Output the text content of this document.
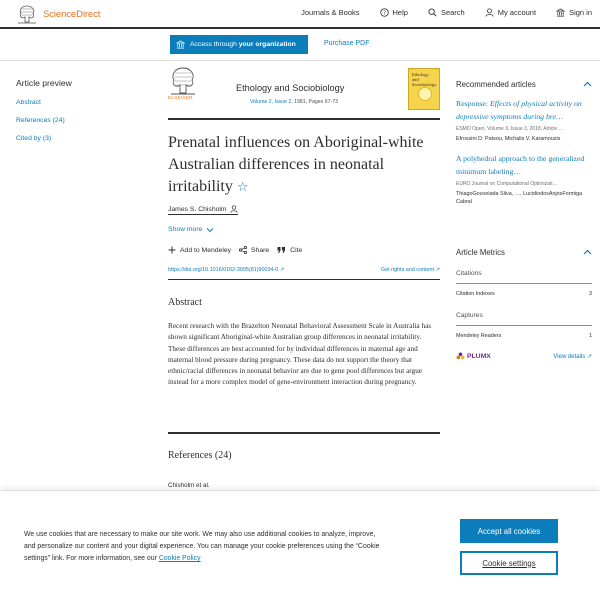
ScienceDirect	Journals & Books	? Help	Search	My account	Sign in
Access through
your organization	Purchase PDF
Article preview
Abstract
References (24)
Cited by (3)
ELSEVIER
Ethology and Sociobiology
Volume 2, Issue 2, 1981, Pages 67-73
Ethology and Sociobiology
Prenatal influences on Aboriginal-white Australian differences in neonatal irritability ☆
James S. Chisholm
Show more
Add to Mendeley	Share	Cite
https://doi.org/10.1016/0162-3095(81)90034-0 ↗	Get rights and content ↗
Abstract
Recent research with the Brazelton Neonatal Behavioral Assessment Scale in Australia has shown significant Aboriginal-white Australian group differences in neonatal irritability. These differences are best accounted for by individual differences in maternal age and maternal blood pressure during pregnancy. These data do not support the theory that ethnic/racial differences in neonatal behavior are due to gene pool differences but argue instead for a more complex model of gene-environment interaction during pregnancy.
References (24)
Chisholm et al.
Recommended articles
Response: Effects of physical activity on depressive symptoms during bre…
ESMO Open, Volume 3, Issue 3, 2018, Article …
Efrossini D. Patsou, Michalis V. Karamouzis
A polyhedral approach to the generalized minimum labeling…
EURO Journal on Computational Optimizati…
ThiagoGouveiada Silva, …, LucidiodosAnjosFormiga Cabral
Article Metrics
Citations
Citation Indexes	3
Captures
Mendeley Readers	1
PLUMX	View details ↗
We use cookies that are necessary to make our site work. We may also use additional cookies to analyze, improve, and personalize our content and your digital experience. You can manage your cookie preferences using the “Cookie settings” link. For more information, see our Cookie Policy
Accept all cookies
Cookie settings
